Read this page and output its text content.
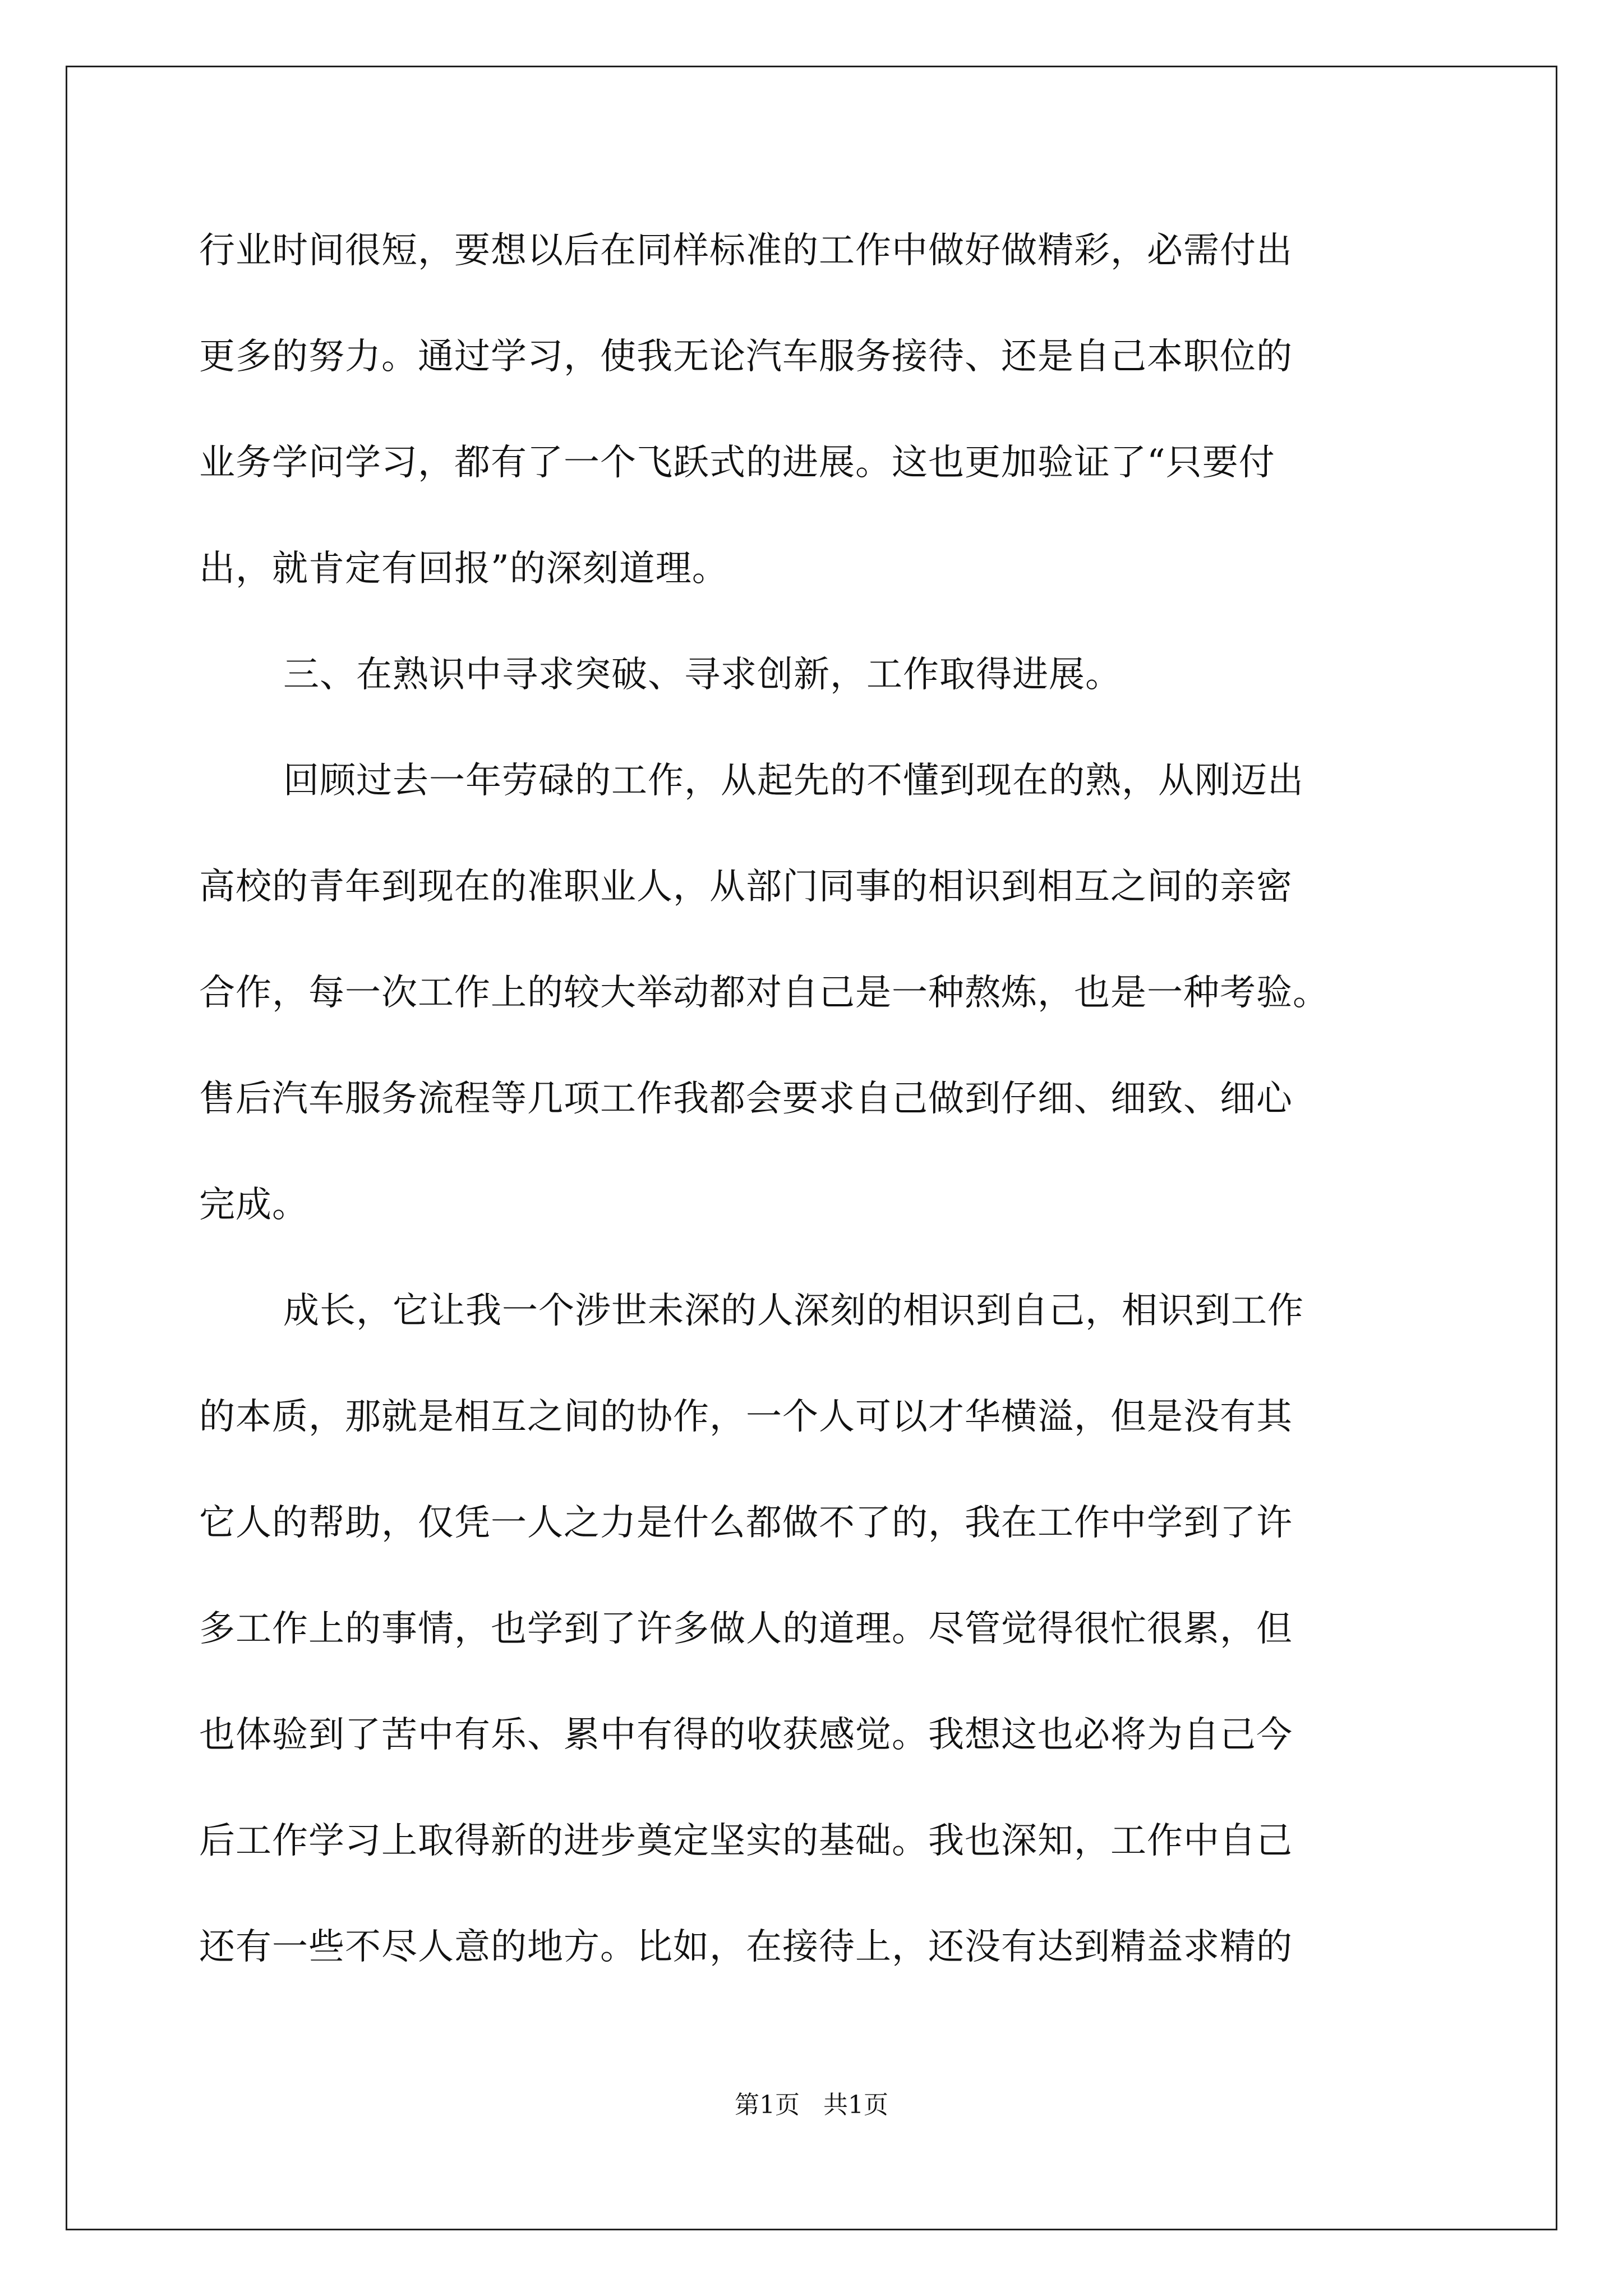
行业时间很短，要想以后在同样标准的工作中做好做精彩，必需付出
更多的努力。通过学习，使我无论汽车服务接待、还是自己本职位的
业务学问学习，都有了一个飞跃式的进展。这也更加验证了“只要付
出，就肯定有回报”的深刻道理。
三、在熟识中寻求突破、寻求创新，工作取得进展。
回顾过去一年劳碌的工作，从起先的不懂到现在的熟，从刚迈出
高校的青年到现在的准职业人，从部门同事的相识到相互之间的亲密
合作，每一次工作上的较大举动都对自己是一种熬炼，也是一种考验。
售后汽车服务流程等几项工作我都会要求自己做到仔细、细致、细心
完成。
成长，它让我一个涉世未深的人深刻的相识到自己，相识到工作
的本质，那就是相互之间的协作，一个人可以才华横溢，但是没有其
它人的帮助，仅凭一人之力是什么都做不了的，我在工作中学到了许
多工作上的事情，也学到了许多做人的道理。尽管觉得很忙很累，但
也体验到了苦中有乐、累中有得的收获感觉。我想这也必将为自己今
后工作学习上取得新的进步奠定坚实的基础。我也深知，工作中自己
还有一些不尽人意的地方。比如，在接待上，还没有达到精益求精的
第1页   共1页
